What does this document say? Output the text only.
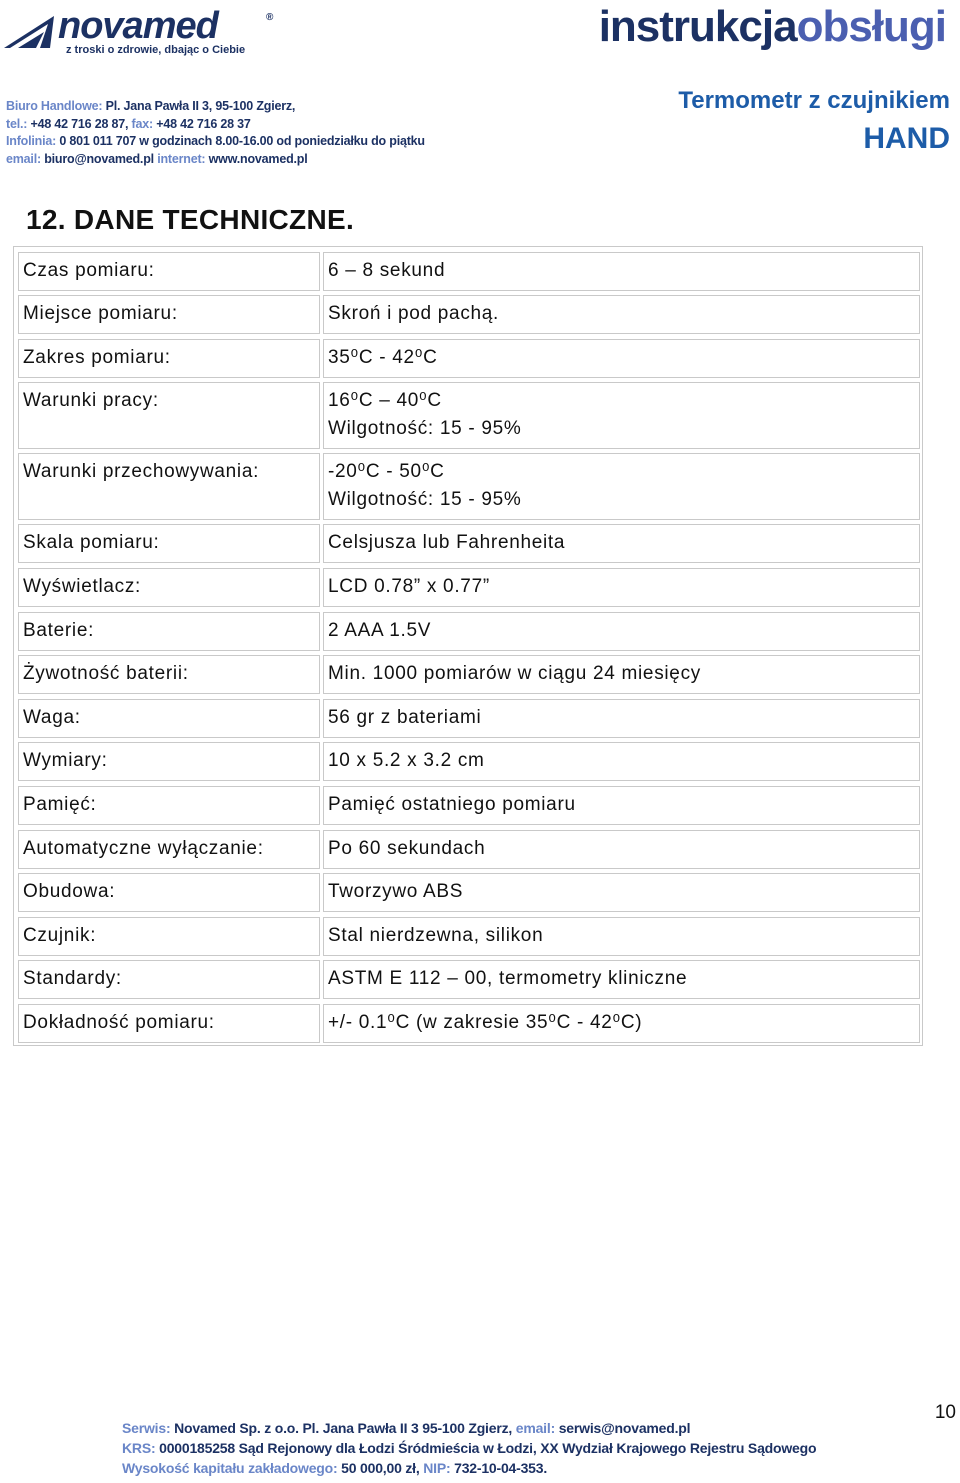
novamed	®
z troski o zdrowie, dbając o Ciebie	instrukcjaobsługi
Biuro Handlowe: Pl. Jana Pawła II 3, 95-100 Zgierz,
tel.: +48 42 716 28 87, fax: +48 42 716 28 37
Infolinia: 0 801 011 707 w godzinach 8.00-16.00 od poniedziałku do piątku
email: biuro@novamed.pl internet: www.novamed.pl
Termometr z czujnikiem
HAND
12. DANE TECHNICZNE.
Czas pomiaru:	6 – 8 sekund
Miejsce pomiaru:	Skroń i pod pachą.
Zakres pomiaru:	35⁰C - 42⁰C
Warunki pracy:	16⁰C – 40⁰C
Wilgotność: 15 - 95%
Warunki przechowywania:	-20⁰C - 50⁰C
Wilgotność: 15 - 95%
Skala pomiaru:	Celsjusza lub Fahrenheita
Wyświetlacz:	LCD 0.78” x 0.77”
Baterie:	2 AAA 1.5V
Żywotność baterii:	Min. 1000 pomiarów w ciągu 24 miesięcy
Waga:	56 gr z bateriami
Wymiary:	10 x 5.2 x 3.2 cm
Pamięć:	Pamięć ostatniego pomiaru
Automatyczne wyłączanie:	Po 60 sekundach
Obudowa:	Tworzywo ABS
Czujnik:	Stal nierdzewna, silikon
Standardy:	ASTM E 112 – 00, termometry kliniczne
Dokładność pomiaru:	+/- 0.1⁰C (w zakresie 35⁰C - 42⁰C)
10
Serwis: Novamed Sp. z o.o. Pl. Jana Pawła II 3 95-100 Zgierz, email: serwis@novamed.pl
KRS: 0000185258 Sąd Rejonowy dla Łodzi Śródmieścia w Łodzi, XX Wydział Krajowego Rejestru Sądowego
Wysokość kapitału zakładowego: 50 000,00 zł, NIP: 732-10-04-353.
